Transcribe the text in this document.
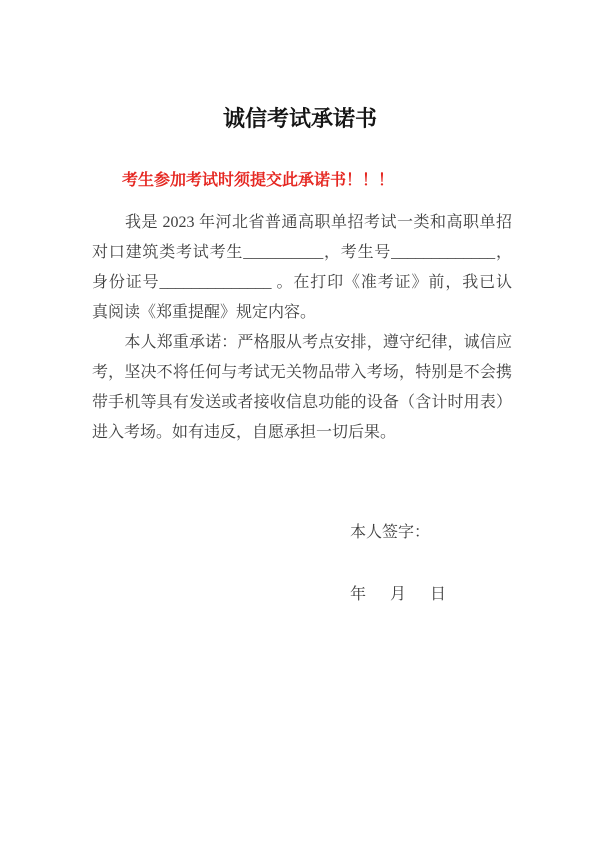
诚信考试承诺书
考生参加考试时须提交此承诺书！！！
　　我是 2023 年河北省普通高职单招考试一类和高职单招
对口建筑类考试考生__________，考生号_____________，
身份证号______________ 。在打印《准考证》前，我已认
真阅读《郑重提醒》规定内容。
　　本人郑重承诺：严格服从考点安排，遵守纪律，诚信应
考，坚决不将任何与考试无关物品带入考场，特别是不会携
带手机等具有发送或者接收信息功能的设备（含计时用表）
进入考场。如有违反，自愿承担一切后果。
本人签字：
年 月 日
